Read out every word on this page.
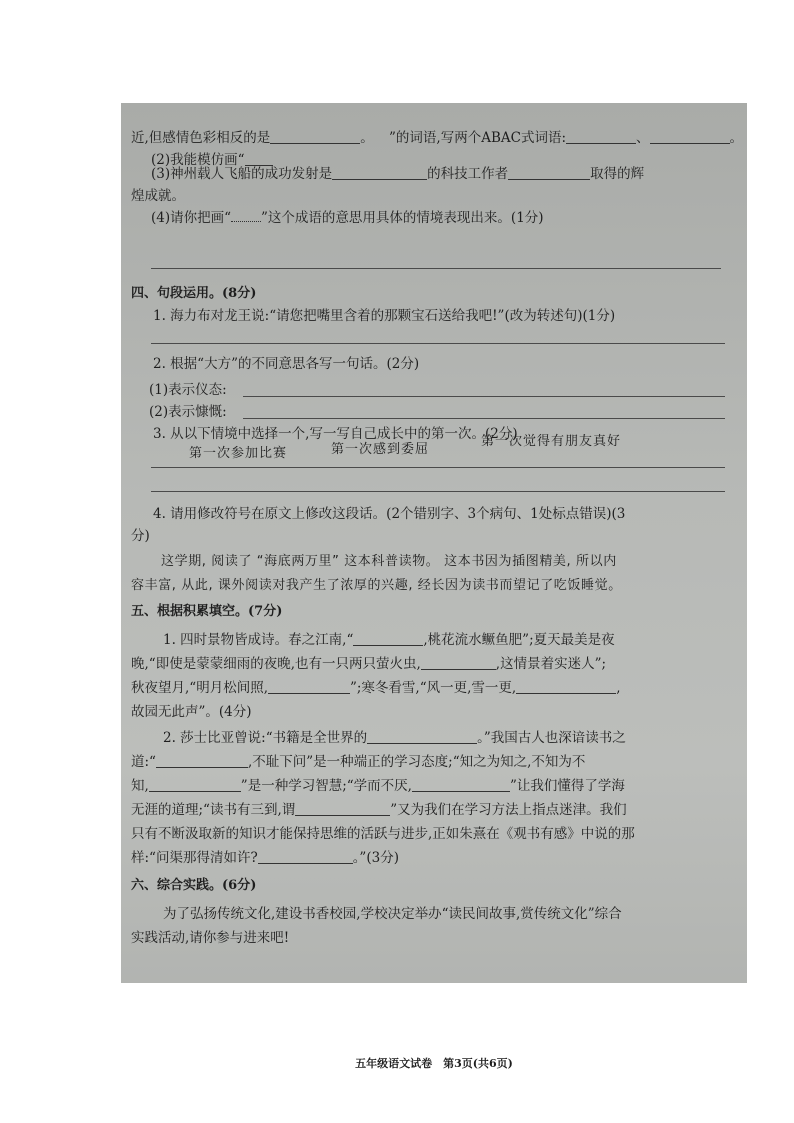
近,但感情色彩相反的是	。 ”的词语,写两个ABAC式词语:	、	。
(2)我能模仿画“
(3)神州载人飞船的成功发射是	的科技工作者	取得的辉
煌成就。
(4)请你把画“ ”这个成语的意思用具体的情境表现出来。(1分)
四、句段运用。(8分)
1. 海力布对龙王说:“请您把嘴里含着的那颗宝石送给我吧!”(改为转述句)(1分)
2. 根据“大方”的不同意思各写一句话。(2分)
(1)表示仪态:
(2)表示慷慨:
3. 从以下情境中选择一个,写一写自己成长中的第一次。(2分)
第一次参加比赛	第一次感到委屈
第一次觉得有朋友真好
4. 请用修改符号在原文上修改这段话。(2个错别字、3个病句、1处标点错误)(3
分)
这学期, 阅读了 “海底两万里” 这本科普读物。 这本书因为插图精美, 所以内
容丰富, 从此, 课外阅读对我产生了浓厚的兴趣, 经长因为读书而望记了吃饭睡觉。
五、根据积累填空。(7分)
1. 四时景物皆成诗。春之江南,“	,桃花流水鳜鱼肥”;夏天最美是夜
晚,“即使是蒙蒙细雨的夜晚,也有一只两只萤火虫,	,这情景着实迷人”;
秋夜望月,“明月松间照,	”;寒冬看雪,“风一更,雪一更,	,
故园无此声”。(4分)
2. 莎士比亚曾说:“书籍是全世界的	。”我国古人也深谙读书之
道:“	,不耻下问”是一种端正的学习态度;“知之为知之,不知为不
知,	”是一种学习智慧;“学而不厌,	”让我们懂得了学海
无涯的道理;“读书有三到,谓	”又为我们在学习方法上指点迷津。我们
只有不断汲取新的知识才能保持思维的活跃与进步,正如朱熹在《观书有感》中说的那
样:“问渠那得清如许?	。”(3分)
六、综合实践。(6分)
为了弘扬传统文化,建设书香校园,学校决定举办“读民间故事,赏传统文化”综合
实践活动,请你参与进来吧!
五年级语文试卷　第3页(共6页)
